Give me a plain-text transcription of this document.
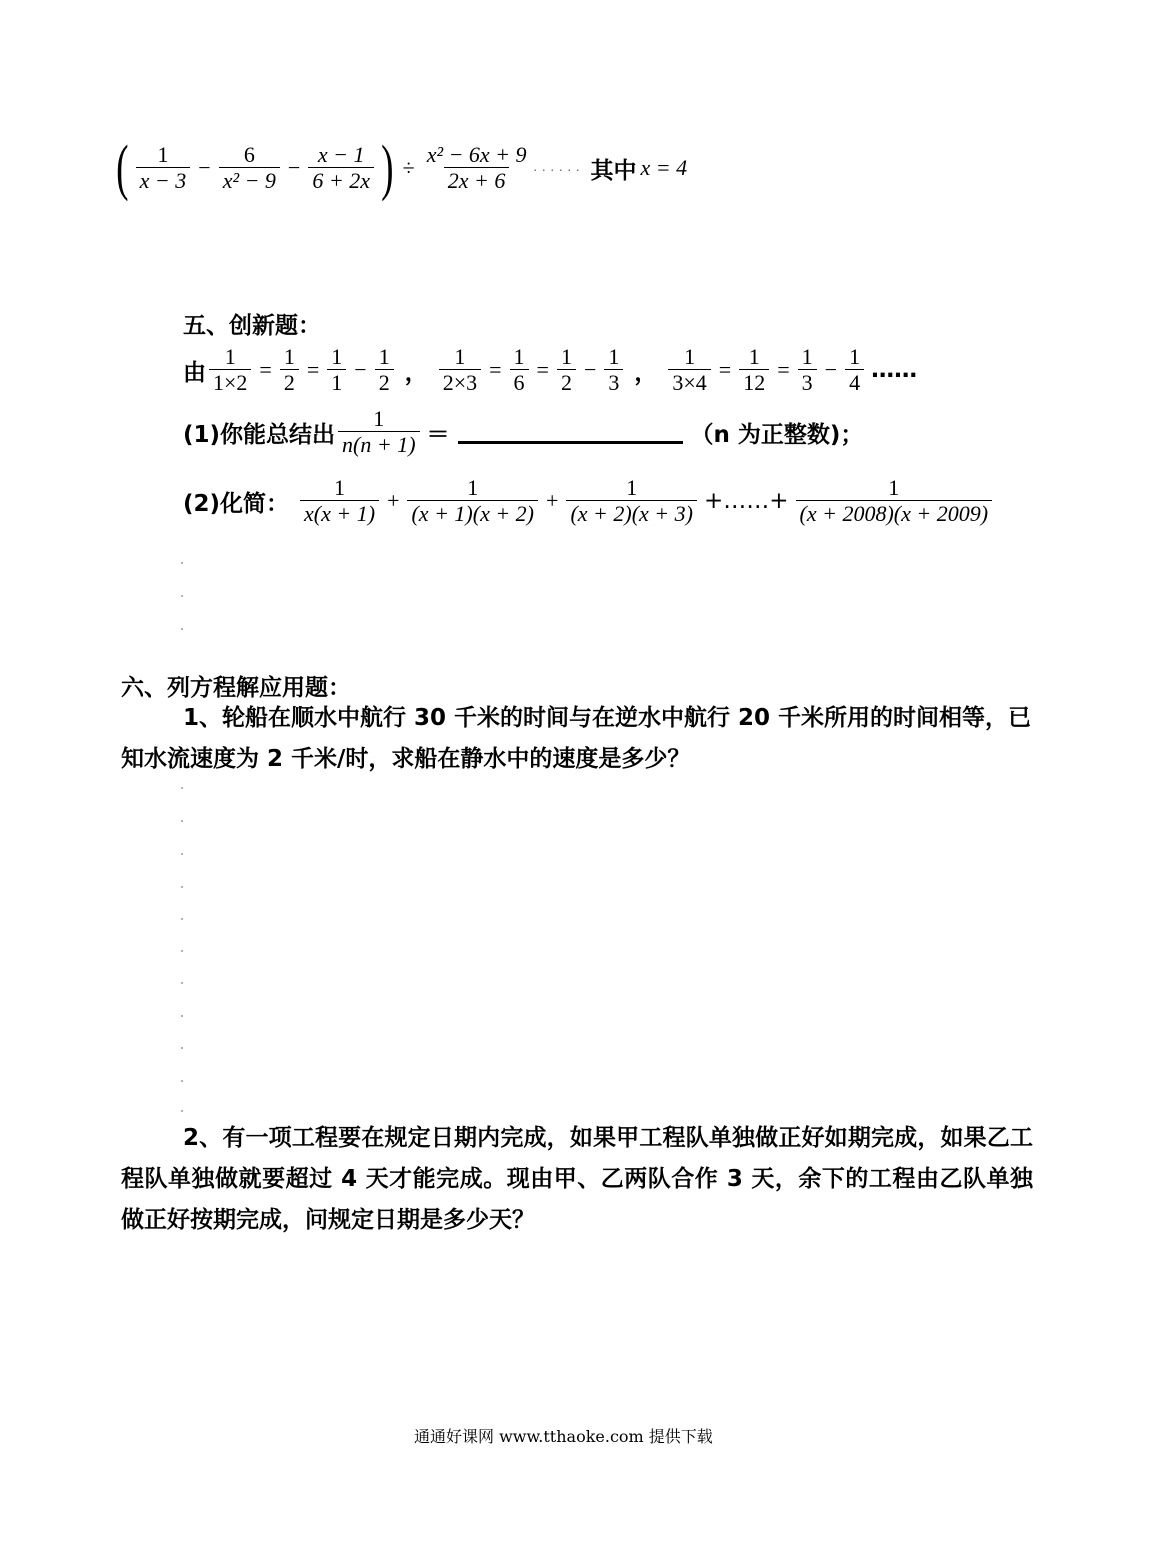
( $\frac{1}{x - 3} - \frac{6}{\text{x² − 9}} - \frac{x - 1}{6 + 2x}$ ) ÷ $\frac{\text{x² − 6x + 9}}{2x + 6}$ ...... 其中 x = 4
五、创新题：
由 $\frac{1}{1\times 2} = \frac{1}{2} = \frac{1}{1} - \frac{1}{2}$ ， $\frac{1}{2\times 3} = \frac{1}{6} = \frac{1}{2} - \frac{1}{3}$ ， $\frac{1}{3\times 4} = \frac{1}{12} = \frac{1}{3} - \frac{1}{4}$ ……
(1)你能总结出 $\frac{1}{n(n + 1)}$ ＝	（n 为正整数)；
(2)化简： $\frac{1}{x(x + 1)} + \frac{1}{(x + 1)(x + 2)} + \frac{1}{(x + 2)(x + 3)}$ +……+ $\frac{1}{(x + 2008)(x + 2009)}$
六、列方程解应用题：
1、轮船在顺水中航行 30 千米的时间与在逆水中航行 20 千米所用的时间相等，已知水流速度为 2 千米/时，求船在静水中的速度是多少？
2、有一项工程要在规定日期内完成，如果甲工程队单独做正好如期完成，如果乙工程队单独做就要超过 4 天才能完成。现由甲、乙两队合作 3 天，余下的工程由乙队单独做正好按期完成，问规定日期是多少天？
通通好课网 www.tthaoke.com 提供下载
